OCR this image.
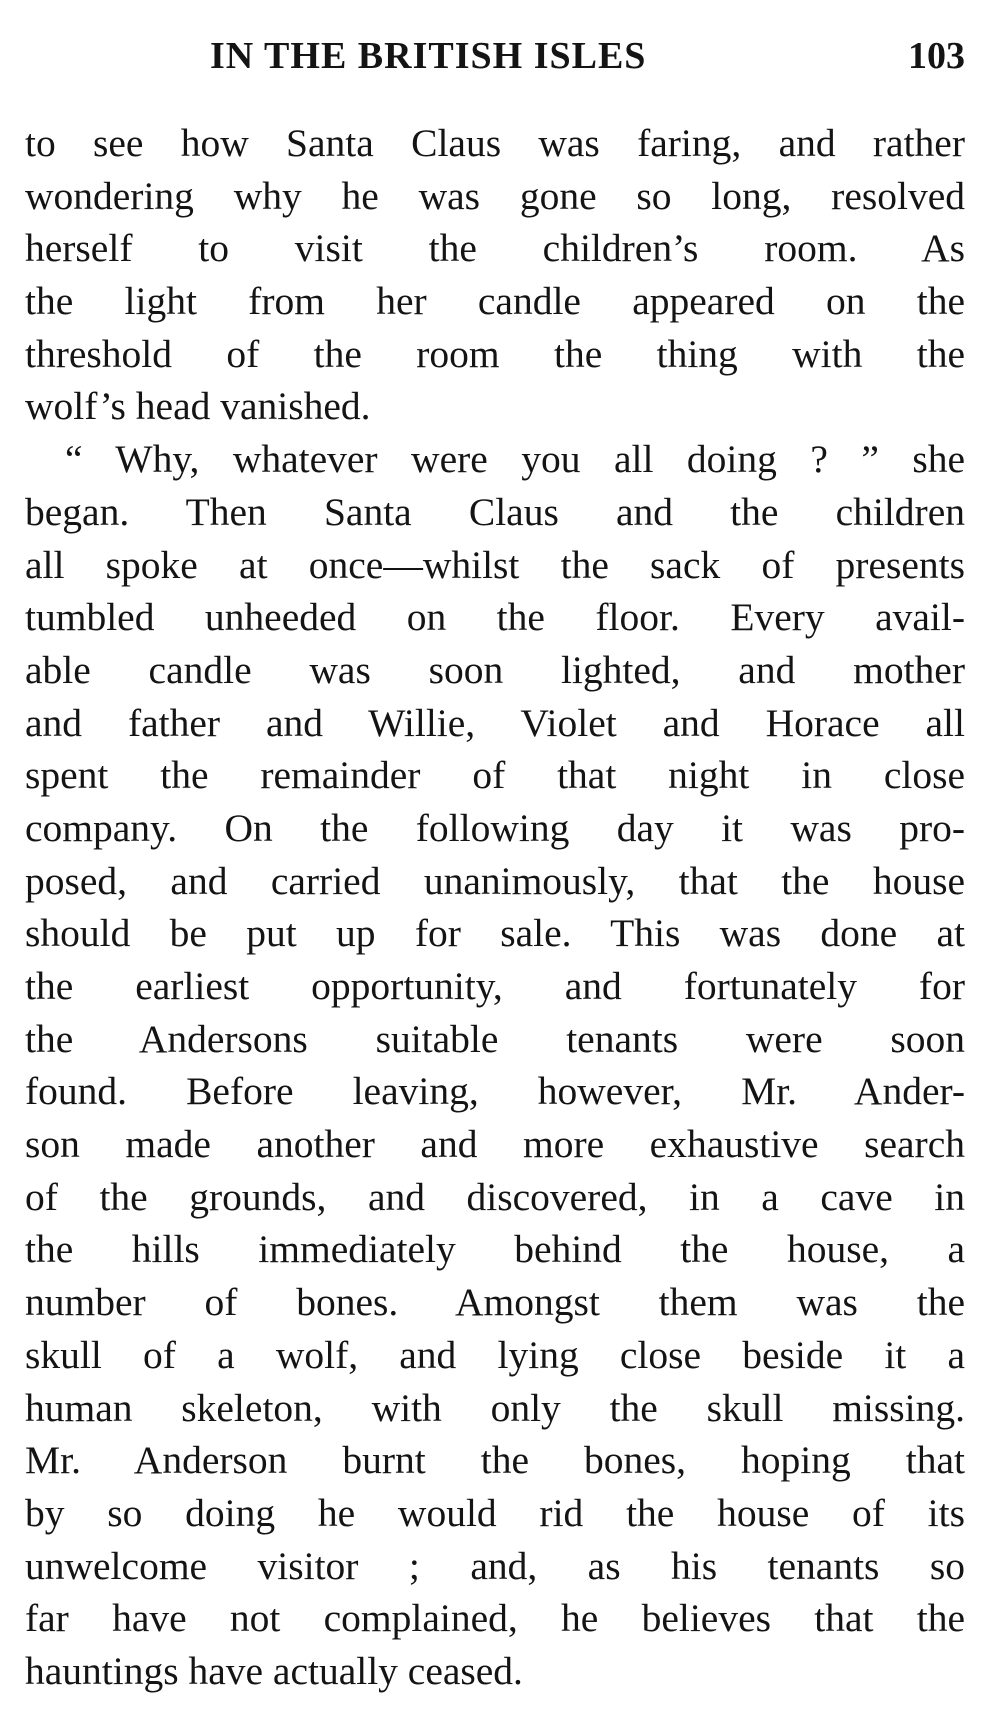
IN THE BRITISH ISLES	103
to see how Santa Claus was faring, and rather
wondering why he was gone so long, resolved
herself to visit the children’s room. As
the light from her candle appeared on the
threshold of the room the thing with the
wolf’s head vanished.
“ Why, whatever were you all doing ? ” she
began. Then Santa Claus and the children
all spoke at once—whilst the sack of presents
tumbled unheeded on the floor. Every avail-
able candle was soon lighted, and mother
and father and Willie, Violet and Horace all
spent the remainder of that night in close
company. On the following day it was pro-
posed, and carried unanimously, that the house
should be put up for sale. This was done at
the earliest opportunity, and fortunately for
the Andersons suitable tenants were soon
found. Before leaving, however, Mr. Ander-
son made another and more exhaustive search
of the grounds, and discovered, in a cave in
the hills immediately behind the house, a
number of bones. Amongst them was the
skull of a wolf, and lying close beside it a
human skeleton, with only the skull missing.
Mr. Anderson burnt the bones, hoping that
by so doing he would rid the house of its
unwelcome visitor ; and, as his tenants so
far have not complained, he believes that the
hauntings have actually ceased.
